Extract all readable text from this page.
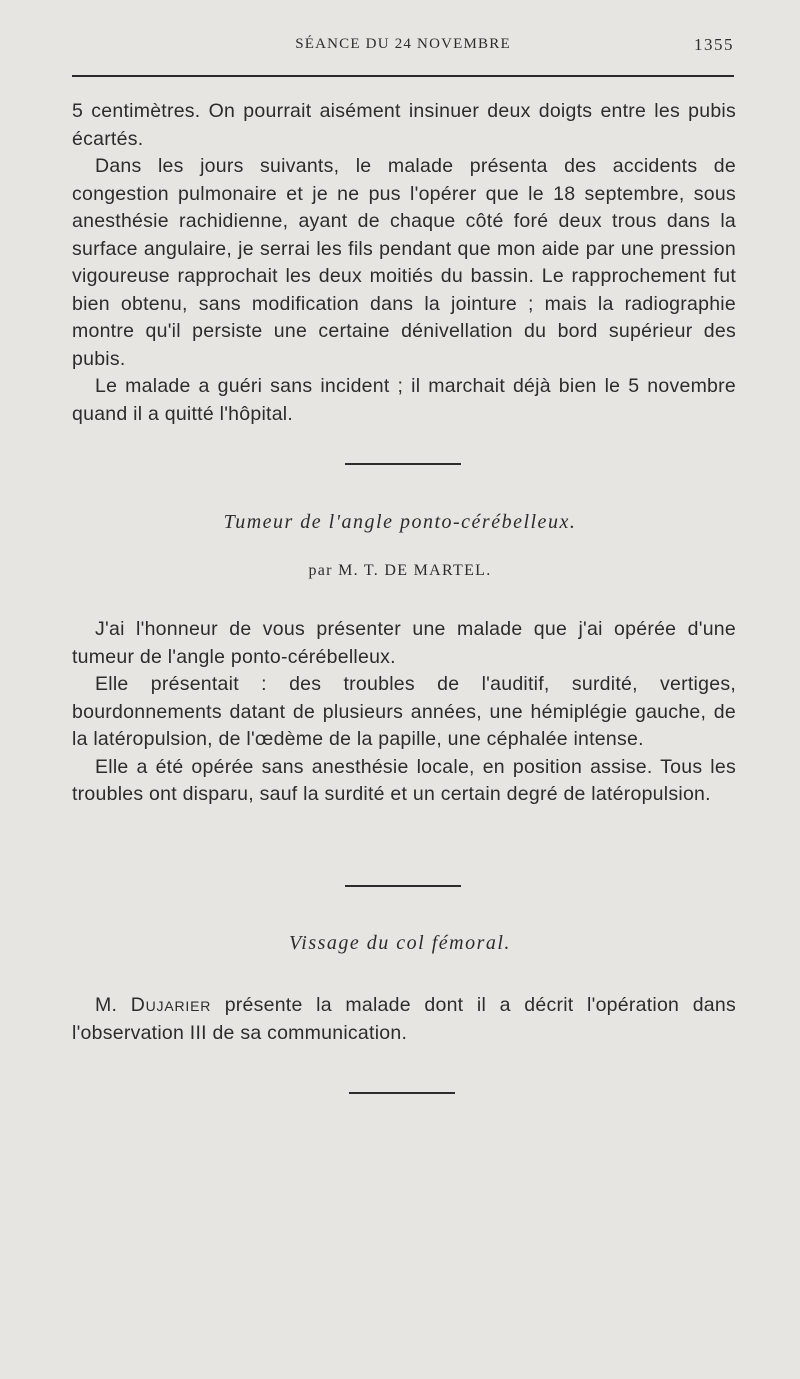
SÉANCE DU 24 NOVEMBRE	1355

5 centimètres. On pourrait aisément insinuer deux doigts entre les pubis écartés.

Dans les jours suivants, le malade présenta des accidents de congestion pulmonaire et je ne pus l'opérer que le 18 septembre, sous anesthésie rachidienne, ayant de chaque côté foré deux trous dans la surface angulaire, je serrai les fils pendant que mon aide par une pression vigoureuse rapprochait les deux moitiés du bassin. Le rapprochement fut bien obtenu, sans modification dans la jointure ; mais la radiographie montre qu'il persiste une certaine dénivellation du bord supérieur des pubis.

Le malade a guéri sans incident ; il marchait déjà bien le 5 novembre quand il a quitté l'hôpital.

Tumeur de l'angle ponto-cérébelleux.
par M. T. DE MARTEL.

J'ai l'honneur de vous présenter une malade que j'ai opérée d'une tumeur de l'angle ponto-cérébelleux.

Elle présentait : des troubles de l'auditif, surdité, vertiges, bourdonnements datant de plusieurs années, une hémiplégie gauche, de la latéropulsion, de l'œdème de la papille, une céphalée intense.

Elle a été opérée sans anesthésie locale, en position assise. Tous les troubles ont disparu, sauf la surdité et un certain degré de latéropulsion.

Vissage du col fémoral.

M. Dujarier présente la malade dont il a décrit l'opération dans l'observation III de sa communication.
